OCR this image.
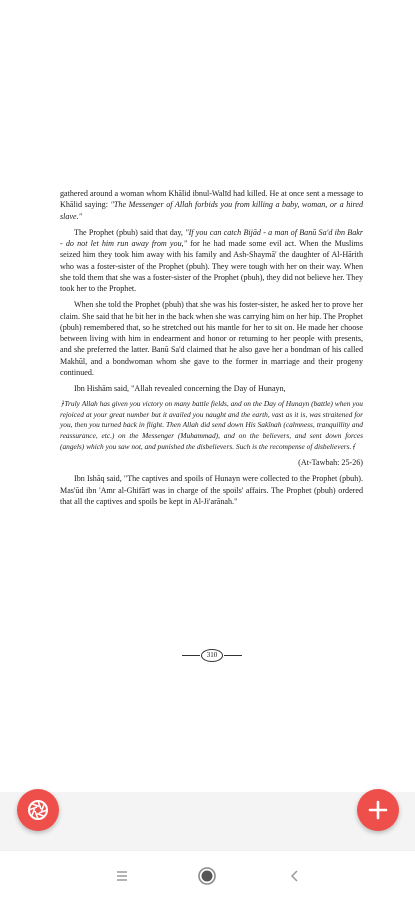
gathered around a woman whom Khālid ibnul-Walīd had killed. He at once sent a message to Khālid saying: "The Messenger of Allah forbids you from killing a baby, woman, or a hired slave."

The Prophet (pbuh) said that day, "If you can catch Bijād - a man of Banū Sa'd ibn Bakr - do not let him run away from you," for he had made some evil act. When the Muslims seized him they took him away with his family and Ash-Shaymā' the daughter of Al-Hārith who was a foster-sister of the Prophet (pbuh). They were tough with her on their way. When she told them that she was a foster-sister of the Prophet (pbuh), they did not believe her. They took her to the Prophet.

When she told the Prophet (pbuh) that she was his foster-sister, he asked her to prove her claim. She said that he bit her in the back when she was carrying him on her hip. The Prophet (pbuh) remembered that, so he stretched out his mantle for her to sit on. He made her choose between living with him in endearment and honor or returning to her people with presents, and she preferred the latter. Banū Sa'd claimed that he also gave her a bondman of his called Makhūl, and a bondwoman whom she gave to the former in marriage and their progeny continued.

Ibn Hishām said, "Allah revealed concerning the Day of Hunayn,

﴿Truly Allah has given you victory on many battle fields, and on the Day of Hunayn (battle) when you rejoiced at your great number but it availed you naught and the earth, vast as it is, was straitened for you, then you turned back in flight. Then Allah did send down His Sakīnah (calmness, tranquillity and reassurance, etc.) on the Messenger (Muhammad), and on the believers, and sent down forces (angels) which you saw not, and punished the disbelievers. Such is the recompense of disbelievers.﴾

(At-Tawbah: 25-26)

Ibn Ishāq said, "The captives and spoils of Hunayn were collected to the Prophet (pbuh). Mas'ūd ibn 'Amr al-Ghifārī was in charge of the spoils' affairs. The Prophet (pbuh) ordered that all the captives and spoils be kept in Al-Ji'arānah."

310
